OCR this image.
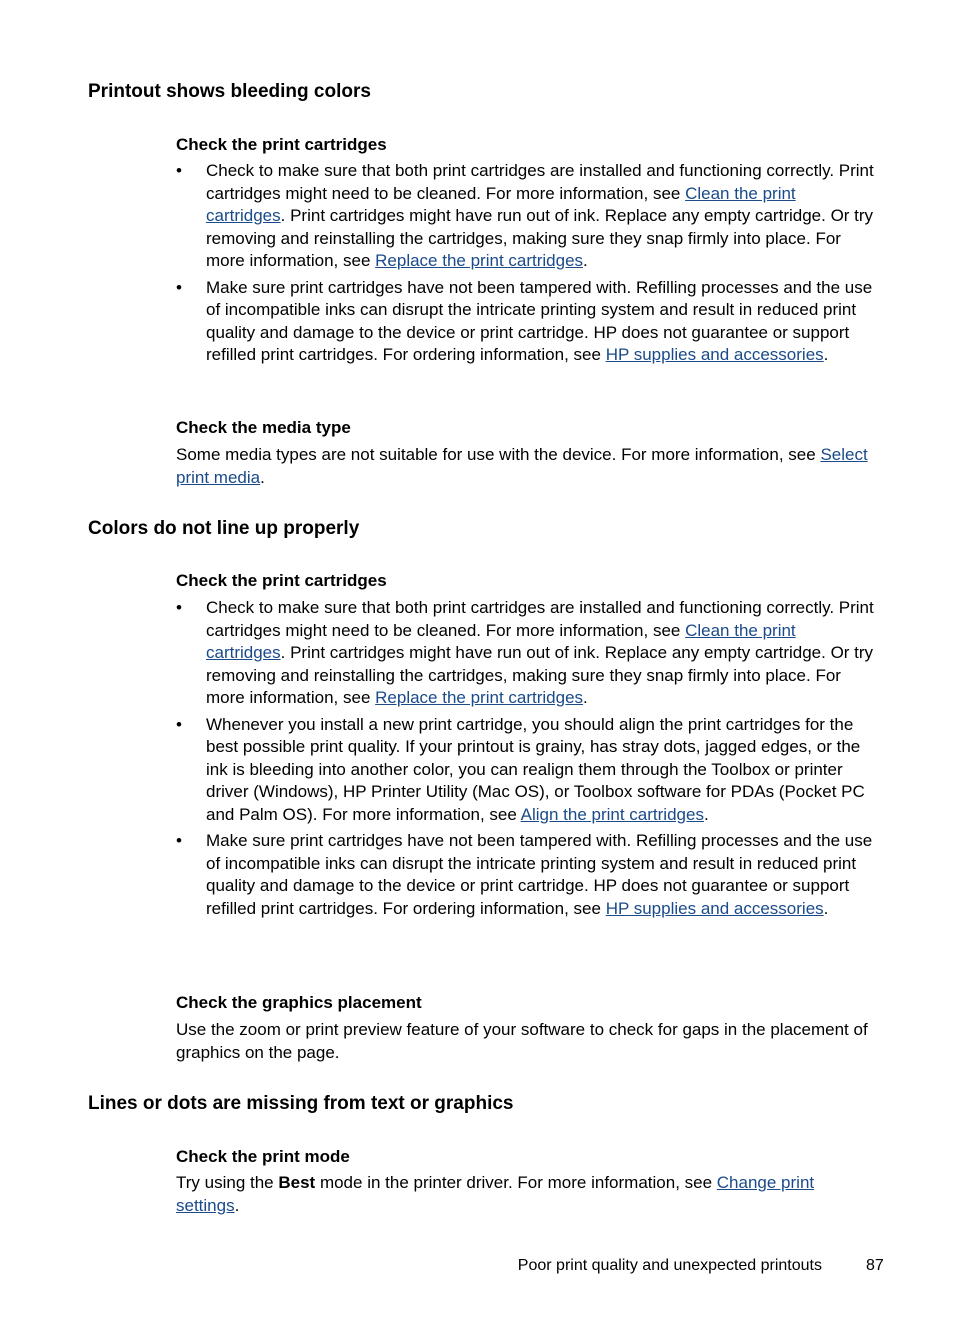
Printout shows bleeding colors
Check the print cartridges
• Check to make sure that both print cartridges are installed and functioning correctly. Print cartridges might need to be cleaned. For more information, see Clean the print cartridges. Print cartridges might have run out of ink. Replace any empty cartridge. Or try removing and reinstalling the cartridges, making sure they snap firmly into place. For more information, see Replace the print cartridges.
• Make sure print cartridges have not been tampered with. Refilling processes and the use of incompatible inks can disrupt the intricate printing system and result in reduced print quality and damage to the device or print cartridge. HP does not guarantee or support refilled print cartridges. For ordering information, see HP supplies and accessories.
Check the media type

Some media types are not suitable for use with the device. For more information, see Select print media.

Colors do not line up properly
Check the print cartridges
• Check to make sure that both print cartridges are installed and functioning correctly. Print cartridges might need to be cleaned. For more information, see Clean the print cartridges. Print cartridges might have run out of ink. Replace any empty cartridge. Or try removing and reinstalling the cartridges, making sure they snap firmly into place. For more information, see Replace the print cartridges.
• Whenever you install a new print cartridge, you should align the print cartridges for the best possible print quality. If your printout is grainy, has stray dots, jagged edges, or the ink is bleeding into another color, you can realign them through the Toolbox or printer driver (Windows), HP Printer Utility (Mac OS), or Toolbox software for PDAs (Pocket PC and Palm OS). For more information, see Align the print cartridges.
• Make sure print cartridges have not been tampered with. Refilling processes and the use of incompatible inks can disrupt the intricate printing system and result in reduced print quality and damage to the device or print cartridge. HP does not guarantee or support refilled print cartridges. For ordering information, see HP supplies and accessories.
Check the graphics placement

Use the zoom or print preview feature of your software to check for gaps in the placement of graphics on the page.

Lines or dots are missing from text or graphics
Check the print mode

Try using the Best mode in the printer driver. For more information, see Change print settings.

Poor print quality and unexpected printouts	87
